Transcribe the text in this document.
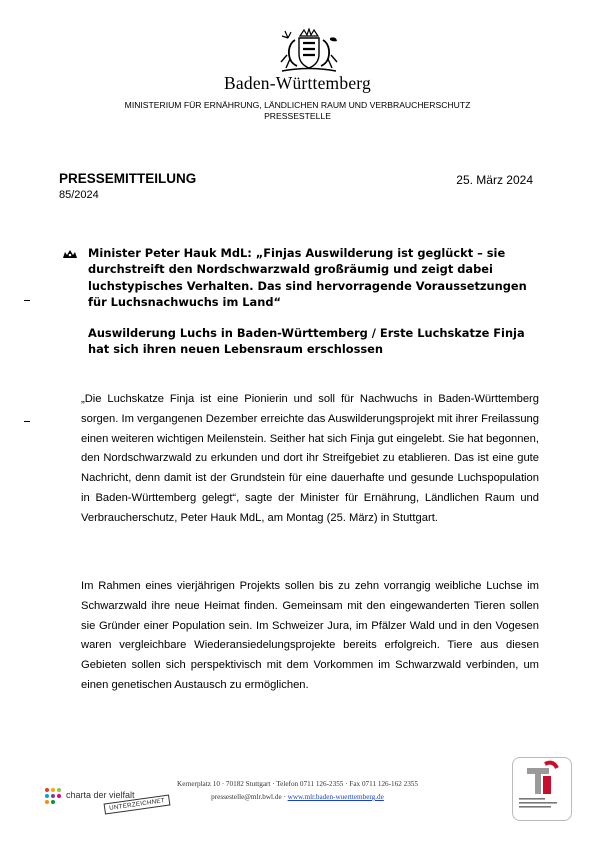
Baden-Württemberg
MINISTERIUM FÜR ERNÄHRUNG, LÄNDLICHEN RAUM UND VERBRAUCHERSCHUTZ
PRESSESTELLE
PRESSEMITTEILUNG	25. März 2024
85/2024
Minister Peter Hauk MdL: „Finjas Auswilderung ist geglückt – sie durchstreift den Nordschwarzwald großräumig und zeigt dabei luchstypisches Verhalten. Das sind hervorragende Voraussetzungen für Luchsnachwuchs im Land“
Auswilderung Luchs in Baden-Württemberg / Erste Luchskatze Finja hat sich ihren neuen Lebensraum erschlossen

„Die Luchskatze Finja ist eine Pionierin und soll für Nachwuchs in Baden-Württemberg sorgen. Im vergangenen Dezember erreichte das Auswilderungsprojekt mit ihrer Freilassung einen weiteren wichtigen Meilenstein. Seither hat sich Finja gut eingelebt. Sie hat begonnen, den Nordschwarzwald zu erkunden und dort ihr Streifgebiet zu etablieren. Das ist eine gute Nachricht, denn damit ist der Grundstein für eine dauerhafte und gesunde Luchspopulation in Baden-Württemberg gelegt“, sagte der Minister für Ernährung, Ländlichen Raum und Verbraucherschutz, Peter Hauk MdL, am Montag (25. März) in Stuttgart.

Im Rahmen eines vierjährigen Projekts sollen bis zu zehn vorrangig weibliche Luchse im Schwarzwald ihre neue Heimat finden. Gemeinsam mit den eingewanderten Tieren sollen sie Gründer einer Population sein. Im Schweizer Jura, im Pfälzer Wald und in den Vogesen waren vergleichbare Wiederansiedelungsprojekte bereits erfolgreich. Tiere aus diesen Gebieten sollen sich perspektivisch mit dem Vorkommen im Schwarzwald verbinden, um einen genetischen Austausch zu ermöglichen.

charta der vielfalt
UNTERZEICHNET
Kernerplatz 10 · 70182 Stuttgart · Telefon 0711 126-2355 · Fax 0711 126-162 2355
pressestelle@mlr.bwl.de · www.mlr.baden-wuerttemberg.de
